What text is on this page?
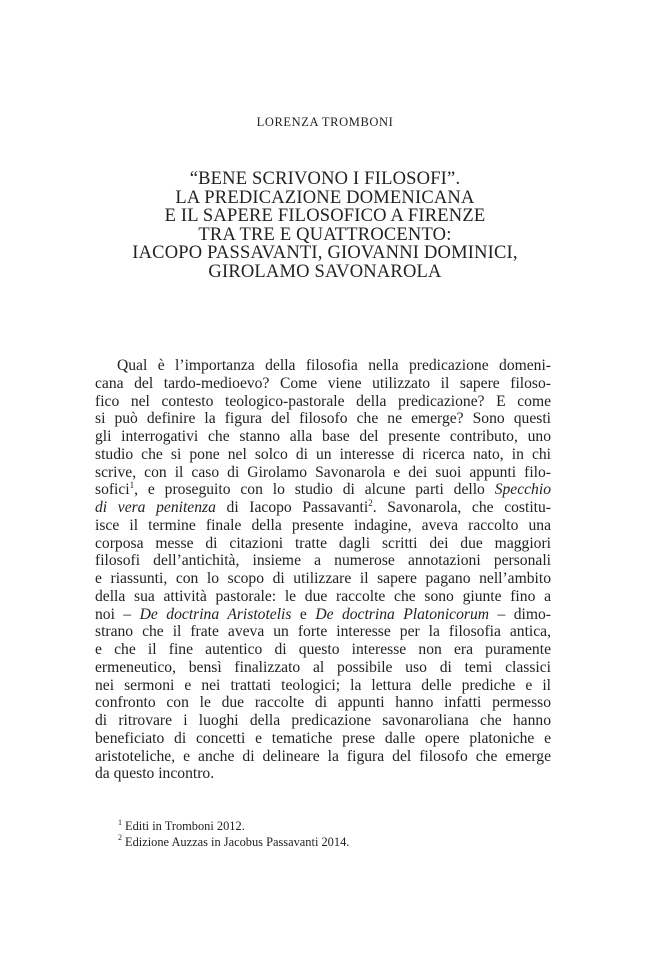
LORENZA TROMBONI
“BENE SCRIVONO I FILOSOFI”.
LA PREDICAZIONE DOMENICANA
E IL SAPERE FILOSOFICO A FIRENZE
TRA TRE E QUATTROCENTO:
IACOPO PASSAVANTI, GIOVANNI DOMINICI,
GIROLAMO SAVONAROLA
Qual è l’importanza della filosofia nella predicazione domeni-
cana del tardo-medioevo? Come viene utilizzato il sapere filoso-
fico nel contesto teologico-pastorale della predicazione? E come
si può definire la figura del filosofo che ne emerge? Sono questi
gli interrogativi che stanno alla base del presente contributo, uno
studio che si pone nel solco di un interesse di ricerca nato, in chi
scrive, con il caso di Girolamo Savonarola e dei suoi appunti filo-
sofici$^1$, e proseguito con lo studio di alcune parti dello Specchio
di vera penitenza di Iacopo Passavanti$^2$. Savonarola, che costitu-
isce il termine finale della presente indagine, aveva raccolto una
corposa messe di citazioni tratte dagli scritti dei due maggiori
filosofi dell’antichità, insieme a numerose annotazioni personali
e riassunti, con lo scopo di utilizzare il sapere pagano nell’ambito
della sua attività pastorale: le due raccolte che sono giunte fino a
noi – De doctrina Aristotelis e De doctrina Platonicorum – dimo-
strano che il frate aveva un forte interesse per la filosofia antica,
e che il fine autentico di questo interesse non era puramente
ermeneutico, bensì finalizzato al possibile uso di temi classici
nei sermoni e nei trattati teologici; la lettura delle prediche e il
confronto con le due raccolte di appunti hanno infatti permesso
di ritrovare i luoghi della predicazione savonaroliana che hanno
beneficiato di concetti e tematiche prese dalle opere platoniche e
aristoteliche, e anche di delineare la figura del filosofo che emerge
da questo incontro.
$^1$ Editi in Tromboni 2012.
$^2$ Edizione Auzzas in Jacobus Passavanti 2014.
